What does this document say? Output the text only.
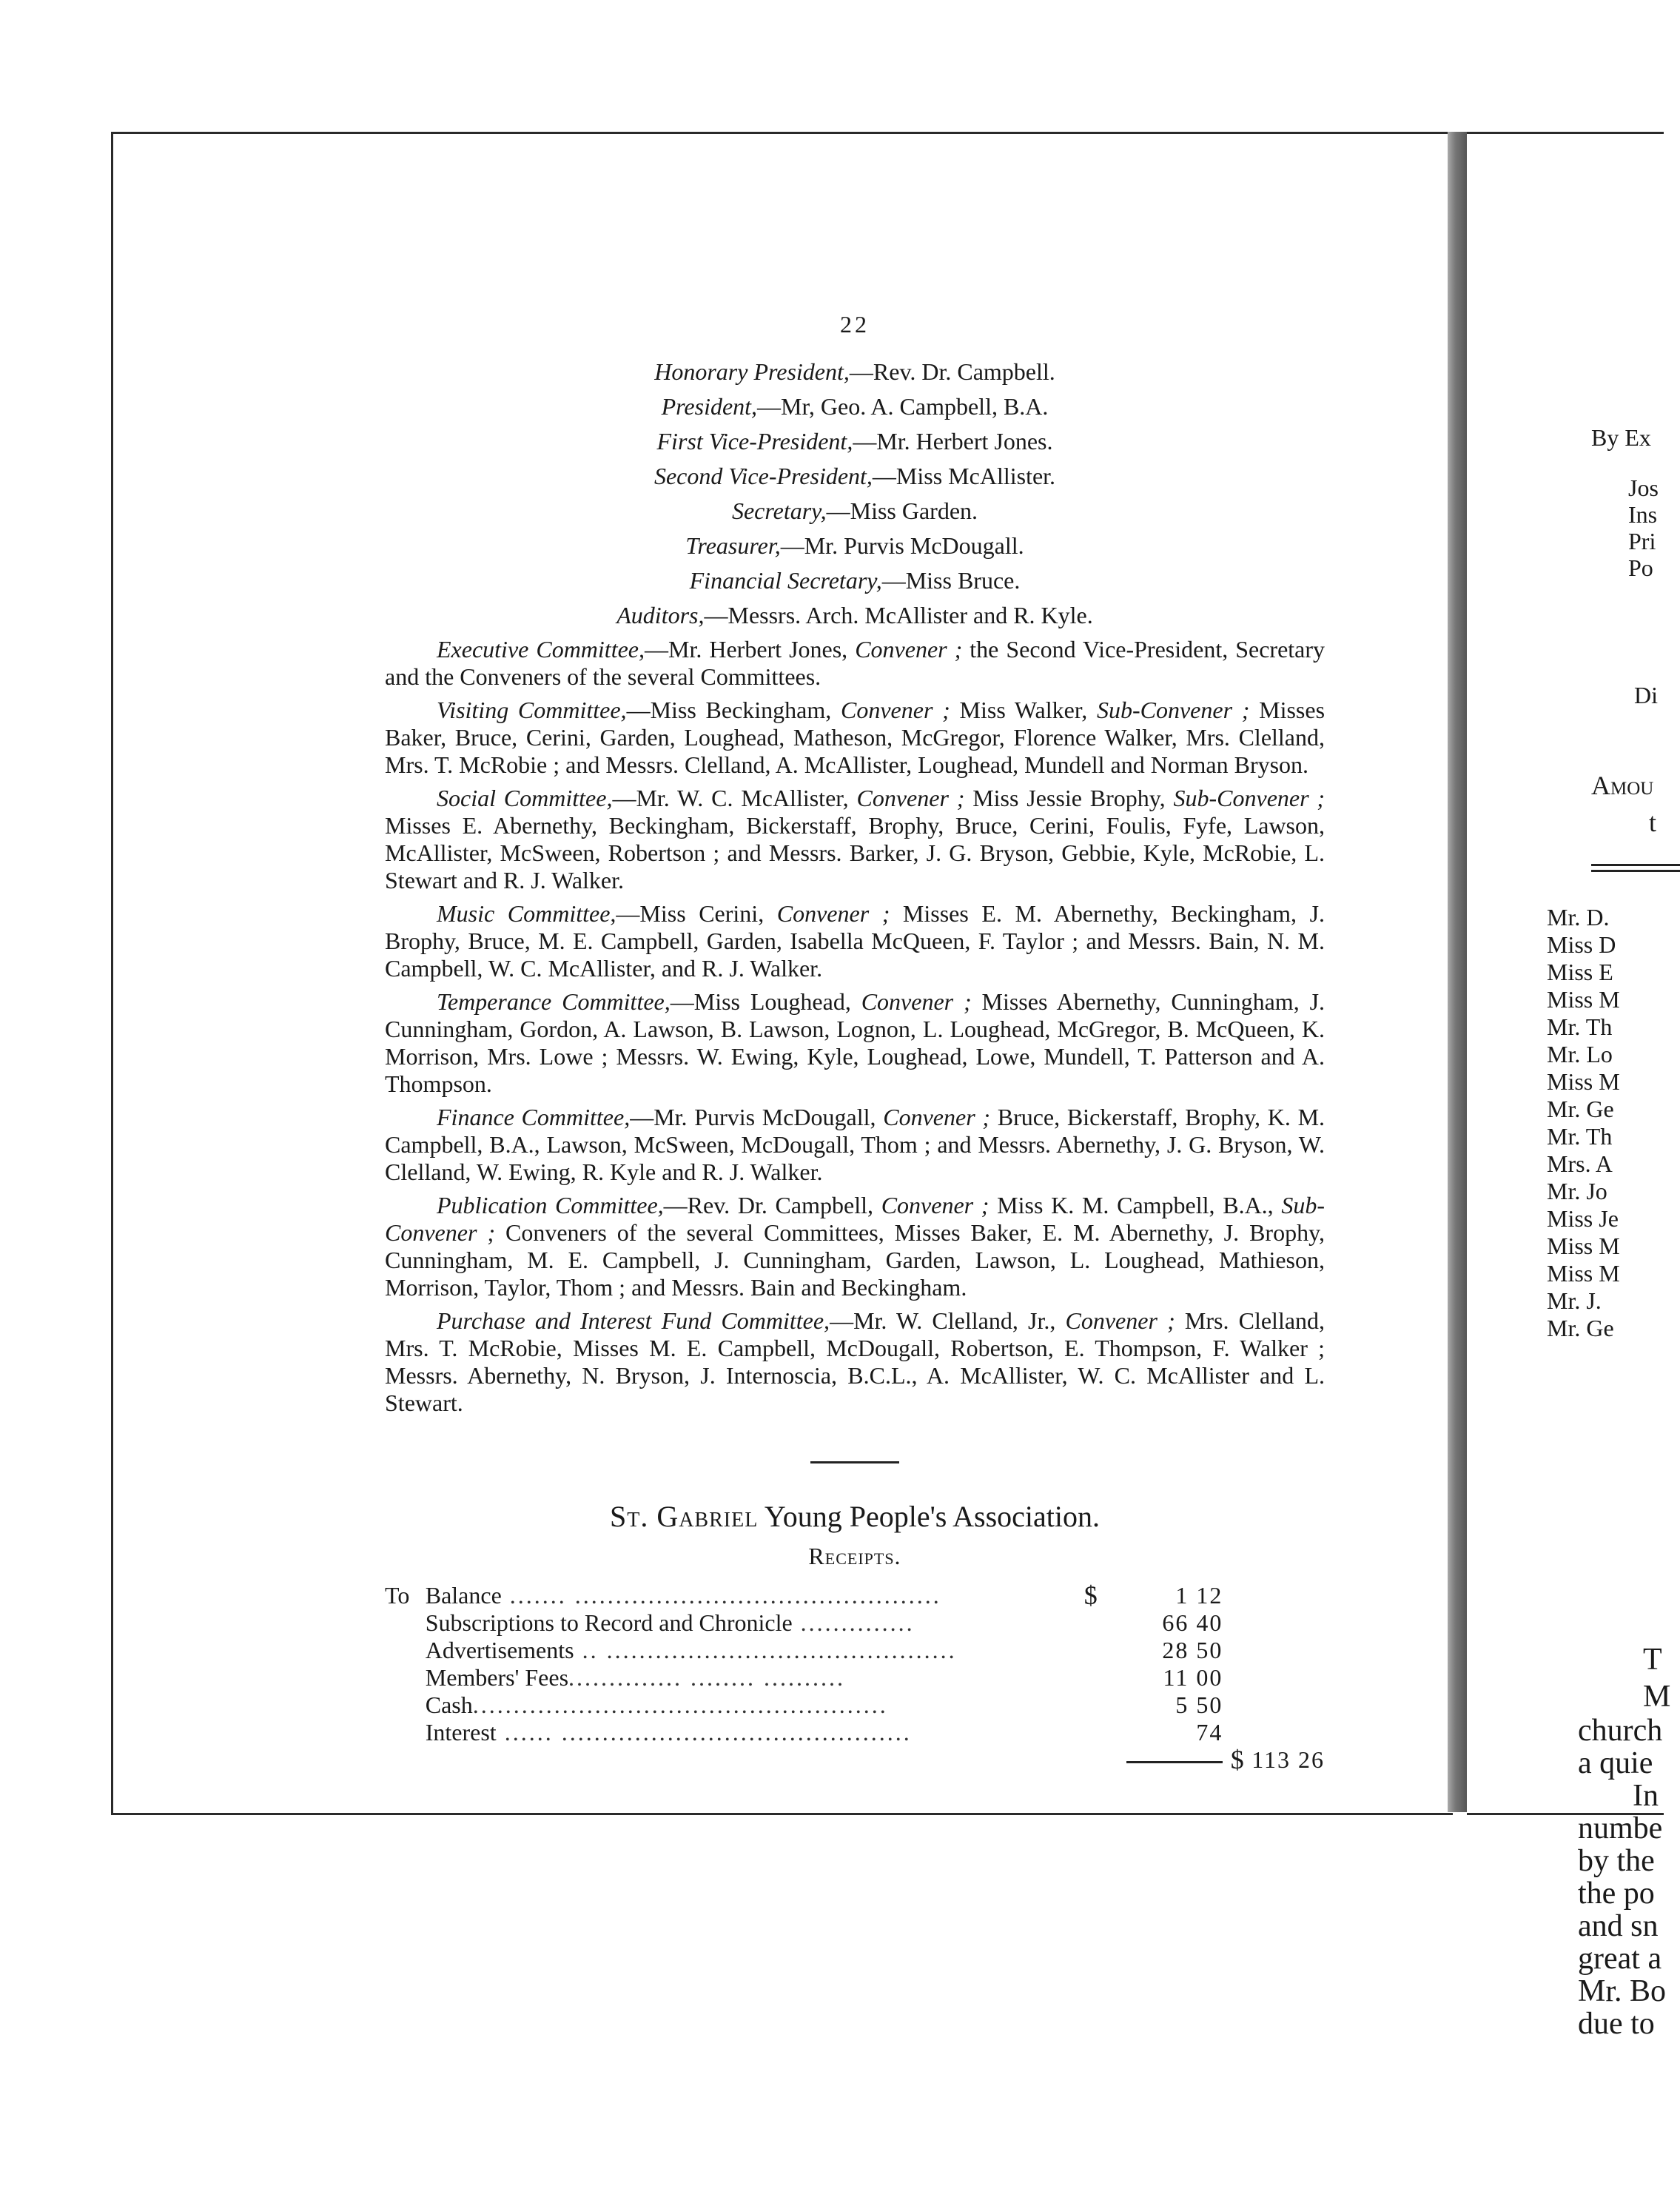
22
Honorary President,—Rev. Dr. Campbell.
President,—Mr, Geo. A. Campbell, B.A.
First Vice-President,—Mr. Herbert Jones.
Second Vice-President,—Miss McAllister.
Secretary,—Miss Garden.
Treasurer,—Mr. Purvis McDougall.
Financial Secretary,—Miss Bruce.
Auditors,—Messrs. Arch. McAllister and R. Kyle.

Executive Committee,—Mr. Herbert Jones, Convener ; the Second Vice-President, Secretary and the Conveners of the several Committees.

Visiting Committee,—Miss Beckingham, Convener ; Miss Walker, Sub-Convener ; Misses Baker, Bruce, Cerini, Garden, Loughead, Matheson, McGregor, Florence Walker, Mrs. Clelland, Mrs. T. McRobie ; and Messrs. Clelland, A. McAllister, Loughead, Mundell and Norman Bryson.

Social Committee,—Mr. W. C. McAllister, Convener ; Miss Jessie Brophy, Sub-Convener ; Misses E. Abernethy, Beckingham, Bickerstaff, Brophy, Bruce, Cerini, Foulis, Fyfe, Lawson, McAllister, McSween, Robertson ; and Messrs. Barker, J. G. Bryson, Gebbie, Kyle, McRobie, L. Stewart and R. J. Walker.

Music Committee,—Miss Cerini, Convener ; Misses E. M. Abernethy, Beckingham, J. Brophy, Bruce, M. E. Campbell, Garden, Isabella McQueen, F. Taylor ; and Messrs. Bain, N. M. Campbell, W. C. McAllister, and R. J. Walker.

Temperance Committee,—Miss Loughead, Convener ; Misses Abernethy, Cunningham, J. Cunningham, Gordon, A. Lawson, B. Lawson, Lognon, L. Loughead, McGregor, B. McQueen, K. Morrison, Mrs. Lowe ; Messrs. W. Ewing, Kyle, Loughead, Lowe, Mundell, T. Patterson and A. Thompson.

Finance Committee,—Mr. Purvis McDougall, Convener ; Bruce, Bickerstaff, Brophy, K. M. Campbell, B.A., Lawson, McSween, McDougall, Thom ; and Messrs. Abernethy, J. G. Bryson, W. Clelland, W. Ewing, R. Kyle and R. J. Walker.

Publication Committee,—Rev. Dr. Campbell, Convener ; Miss K. M. Campbell, B.A., Sub-Convener ; Conveners of the several Committees, Misses Baker, E. M. Abernethy, J. Brophy, Cunningham, M. E. Campbell, J. Cunningham, Garden, Lawson, L. Loughead, Mathieson, Morrison, Taylor, Thom ; and Messrs. Bain and Beckingham.

Purchase and Interest Fund Committee,—Mr. W. Clelland, Jr., Convener ; Mrs. Clelland, Mrs. T. McRobie, Misses M. E. Campbell, McDougall, Robertson, E. Thompson, F. Walker ; Messrs. Abernethy, N. Bryson, J. Internoscia, B.C.L., A. McAllister, W. C. McAllister and L. Stewart.

St. Gabriel Young People's Association.
Receipts.
To	Balance ....... .............................................	$	1 12		
	Subscriptions to Record and Chronicle ..............		66 40		
	Advertisements .. ...........................................		28 50		
	Members' Fees.............. ........ ..........		11 00		
	Cash...................................................		5 50		
	Interest ...... ...........................................		74		
				$	113 26
By Ex
Jos
Ins
Pri
Po
Di
Amou
t
Mr. D.
Miss D
Miss E
Miss M
Mr. Th
Mr. Lo
Miss M
Mr. Ge
Mr. Th
Mrs. A
Mr. Jo
Miss Je
Miss M
Miss M
Mr. J.
Mr. Ge
T
M
church
a quie
In
numbe
by the
the po
and sn
great a
Mr. Bo
due to
